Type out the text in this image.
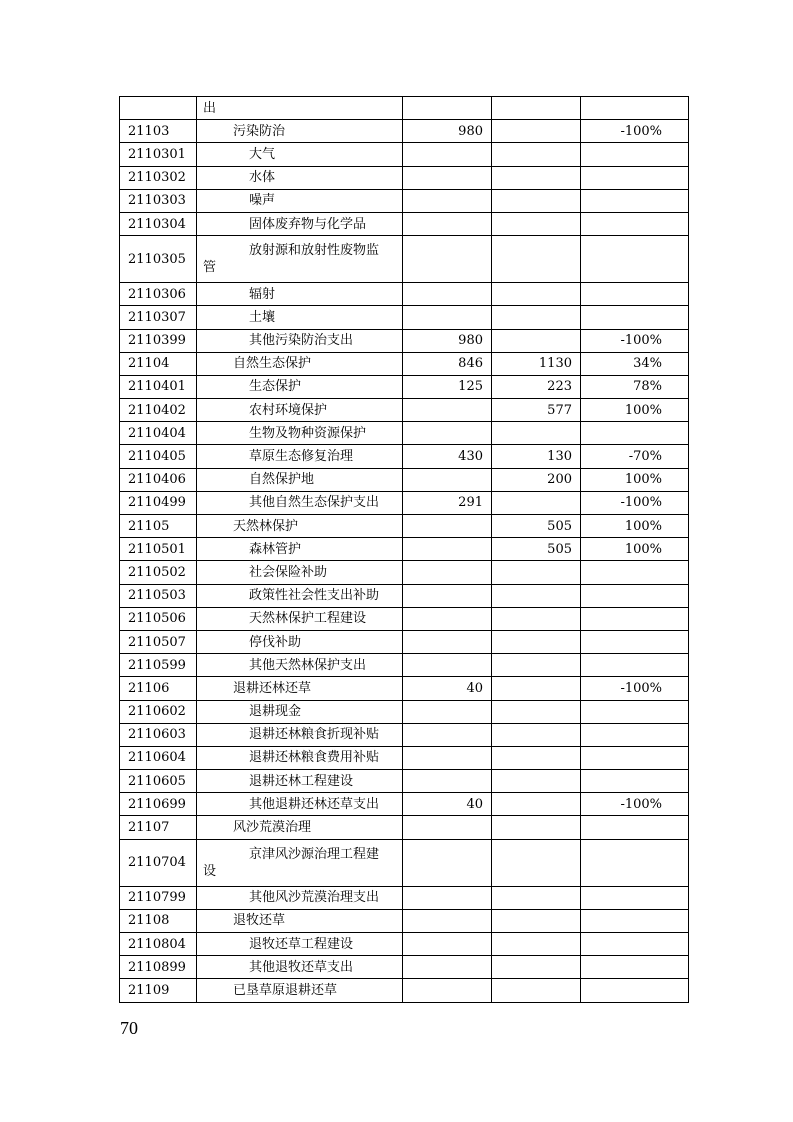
	出			

21103	污染防治	980		-100%
2110301	大气			

2110302	水体			

2110303	噪声			

2110304	固体废弃物与化学品			

2110305	放射源和放射性废物监
管			

2110306	辐射			

2110307	土壤			

2110399	其他污染防治支出	980		-100%
21104	自然生态保护	846	1130	34%
2110401	生态保护	125	223	78%
2110402	农村环境保护		577	100%
2110404	生物及物种资源保护			

2110405	草原生态修复治理	430	130	-70%
2110406	自然保护地		200	100%
2110499	其他自然生态保护支出	291		-100%
21105	天然林保护		505	100%
2110501	森林管护		505	100%
2110502	社会保险补助			

2110503	政策性社会性支出补助			

2110506	天然林保护工程建设			

2110507	停伐补助			

2110599	其他天然林保护支出			

21106	退耕还林还草	40		-100%
2110602	退耕现金			

2110603	退耕还林粮食折现补贴			

2110604	退耕还林粮食费用补贴			

2110605	退耕还林工程建设			

2110699	其他退耕还林还草支出	40		-100%
21107	风沙荒漠治理			

2110704	京津风沙源治理工程建
设			

2110799	其他风沙荒漠治理支出			

21108	退牧还草			

2110804	退牧还草工程建设			

2110899	其他退牧还草支出			

21109	已垦草原退耕还草			

70
